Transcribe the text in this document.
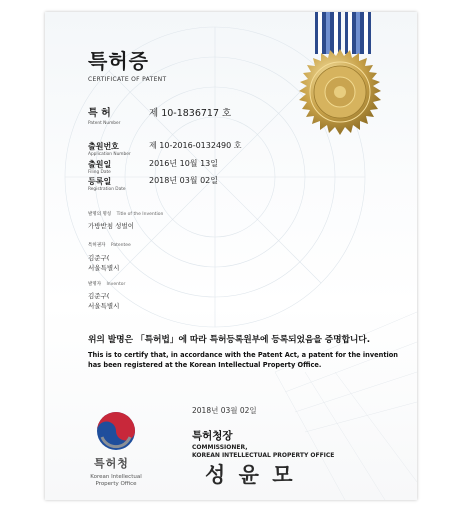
특허증
CERTIFICATE OF PATENT
특 허
Patent Number
제 10-1836717 호
출원번호
Application Number
제 10-2016-0132490 호
출원일
Filing Date
2016년 10월 13일
등록일
Registration Date
2018년 03월 02일
발명의 명칭 Title of the Invention
가방받침 성벌이
특허권자 Patentee
김준구(
서울특별시
발명자 Inventor
김준구(
서울특별시
위의 발명은 「특허법」에 따라 특허등록원부에 등록되었음을 증명합니다.
This is to certify that, in accordance with the Patent Act, a patent for the invention
has been registered at the Korean Intellectual Property Office.
2018년 03월 02일
특허청장
COMMISSIONER,
KOREAN INTELLECTUAL PROPERTY OFFICE
성 윤 모
특허청
Korean Intellectual
Property Office
